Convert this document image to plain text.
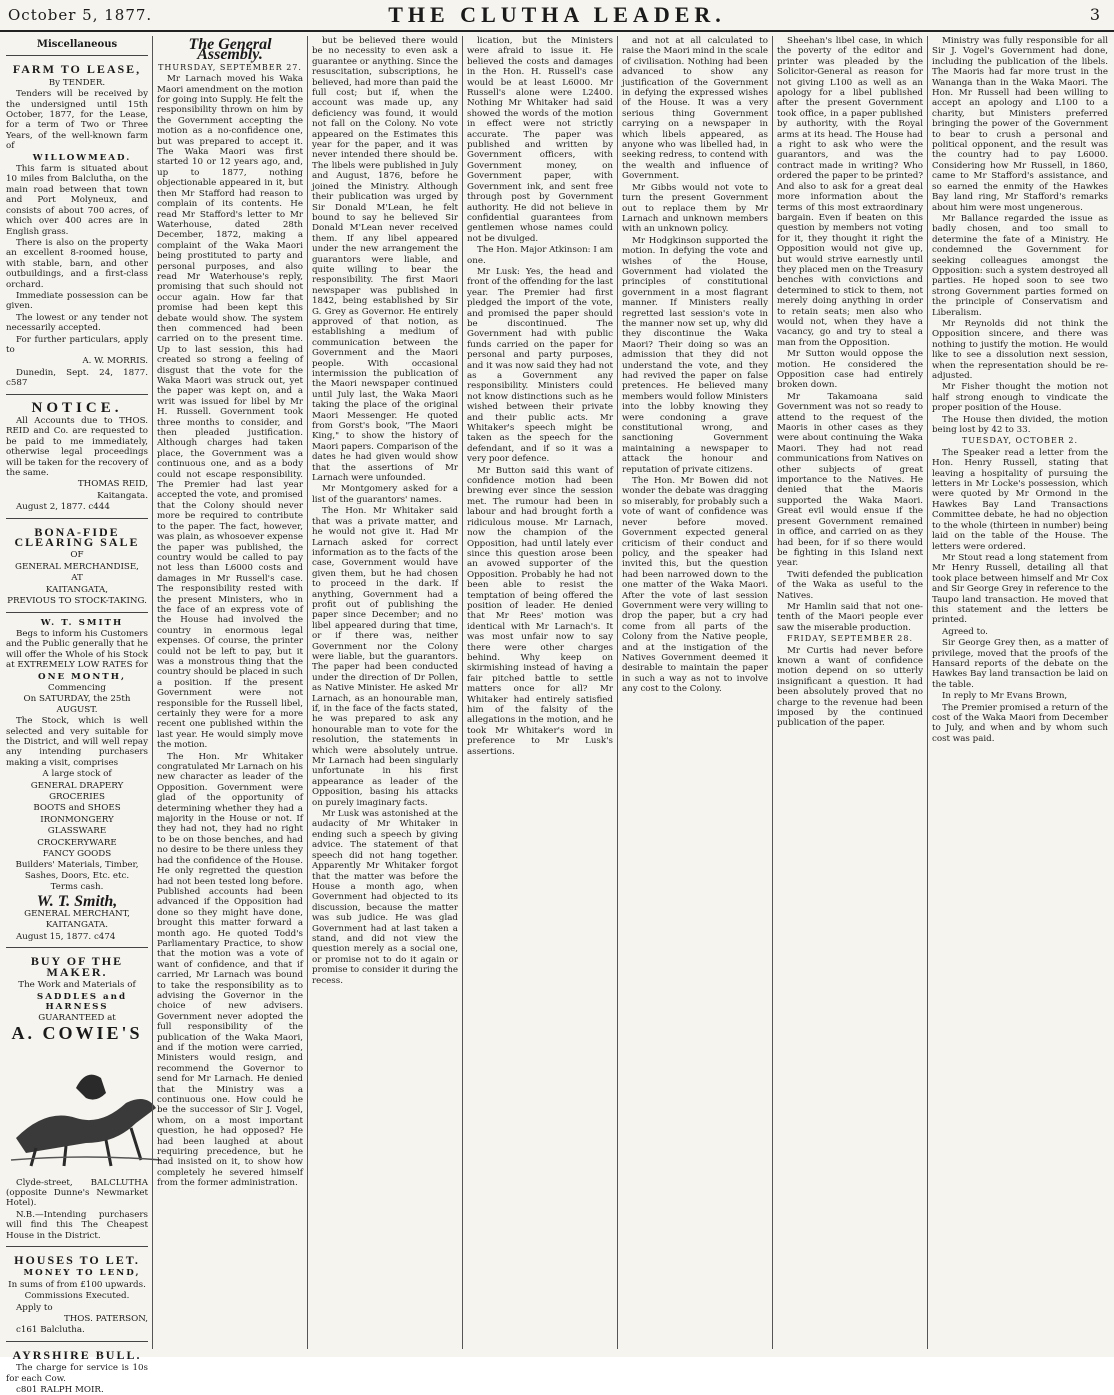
October 5, 1877.	THE CLUTHA LEADER.	3
Miscellaneous
FARM TO LEASE,

By TENDER.

Tenders will be received by the undersigned until 15th October, 1877, for the Lease, for a term of Two or Three Years, of the well-known farm of

WILLOWMEAD.

This farm is situated about 10 miles from Balclutha, on the main road between that town and Port Molyneux, and consists of about 700 acres, of which over 400 acres are in English grass.

There is also on the property an excellent 8-roomed house, with stable, barn, and other outbuildings, and a first-class orchard.

Immediate possession can be given.

The lowest or any tender not necessarily accepted.

For further particulars, apply to

A. W. MORRIS.

Dunedin, Sept. 24, 1877. c587

NOTICE.

All Accounts due to THOS. REID and Co. are requested to be paid to me immediately, otherwise legal proceedings will be taken for the recovery of the same.

THOMAS REID,

Kaitangata.

August 2, 1877. c444

BONA-FIDE CLEARING SALE

OF

GENERAL MERCHANDISE,

AT

KAITANGATA,

PREVIOUS TO STOCK-TAKING.

W. T. SMITH

Begs to inform his Customers and the Public generally that he will offer the Whole of his Stock at EXTREMELY LOW RATES for

ONE MONTH,

Commencing

On SATURDAY, the 25th AUGUST.

The Stock, which is well selected and very suitable for the District, and will well repay any intending purchasers making a visit, comprises

A large stock of

GENERAL DRAPERY

GROCERIES

BOOTS and SHOES

IRONMONGERY

GLASSWARE

CROCKERYWARE

FANCY GOODS

Builders' Materials, Timber, Sashes, Doors, Etc. etc.

Terms cash.

W. T. Smith,

GENERAL MERCHANT,

KAITANGATA.

August 15, 1877. c474

BUY OF THE MAKER.

The Work and Materials of

SADDLES and HARNESS

GUARANTEED at

A. COWIE'S

Clyde-street, BALCLUTHA (opposite Dunne's Newmarket Hotel).

N.B.—Intending purchasers will find this The Cheapest House in the District.

HOUSES TO LET.

MONEY TO LEND,

In sums of from £100 upwards.

Commissions Executed.

Apply to

THOS. PATERSON,

c161 Balclutha.

AYRSHIRE BULL.

The charge for service is 10s for each Cow.

c801 RALPH MOIR.

The General Assembly.

THURSDAY, SEPTEMBER 27.

Mr Larnach moved his Waka Maori amendment on the motion for going into Supply. He felt the responsibility thrown on him by the Government accepting the motion as a no-confidence one, but was prepared to accept it. The Waka Maori was first started 10 or 12 years ago, and, up to 1877, nothing objectionable appeared in it, but then Mr Stafford had reason to complain of its contents. He read Mr Stafford's letter to Mr Waterhouse, dated 28th December, 1872, making a complaint of the Waka Maori being prostituted to party and personal purposes, and also read Mr Waterhouse's reply, promising that such should not occur again. How far that promise had been kept this debate would show. The system then commenced had been carried on to the present time. Up to last session, this had created so strong a feeling of disgust that the vote for the Waka Maori was struck out, yet the paper was kept on, and a writ was issued for libel by Mr H. Russell. Government took three months to consider, and then pleaded justification. Although charges had taken place, the Government was a continuous one, and as a body could not escape responsibility. The Premier had last year accepted the vote, and promised that the Colony should never more be required to contribute to the paper. The fact, however, was plain, as whosoever expense the paper was published, the country would be called to pay not less than L6000 costs and damages in Mr Russell's case. The responsibility rested with the present Ministers, who in the face of an express vote of the House had involved the country in enormous legal expenses. Of course, the printer could not be left to pay, but it was a monstrous thing that the country should be placed in such a position. If the present Government were not responsible for the Russell libel, certainly they were for a more recent one published within the last year. He would simply move the motion.

The Hon. Mr Whitaker congratulated Mr Larnach on his new character as leader of the Opposition. Government were glad of the opportunity of determining whether they had a majority in the House or not. If they had not, they had no right to be on those benches, and had no desire to be there unless they had the confidence of the House. He only regretted the question had not been tested long before. Published accounts had been advanced if the Opposition had done so they might have done, brought this matter forward a month ago. He quoted Todd's Parliamentary Practice, to show that the motion was a vote of want of confidence, and that if carried, Mr Larnach was bound to take the responsibility as to advising the Governor in the choice of new advisers. Government never adopted the full responsibility of the publication of the Waka Maori, and if the motion were carried, Ministers would resign, and recommend the Governor to send for Mr Larnach. He denied that the Ministry was a continuous one. How could he be the successor of Sir J. Vogel, whom, on a most important question, he had opposed? He had been laughed at about requiring precedence, but he had insisted on it, to show how completely he severed himself from the former administration.

but be believed there would be no necessity to even ask a guarantee or anything. Since the resuscitation, subscriptions, he believed, had more than paid the full cost; but if, when the account was made up, any deficiency was found, it would not fall on the Colony. No vote appeared on the Estimates this year for the paper, and it was never intended there should be. The libels were published in July and August, 1876, before he joined the Ministry. Although their publication was urged by Sir Donald M'Lean, he felt bound to say he believed Sir Donald M'Lean never received them. If any libel appeared under the new arrangement the guarantors were liable, and quite willing to bear the responsibility. The first Maori newspaper was published in 1842, being established by Sir G. Grey as Governor. He entirely approved of that notion, as establishing a medium of communication between the Government and the Maori people. With occasional intermission the publication of the Maori newspaper continued until July last, the Waka Maori taking the place of the original Maori Messenger. He quoted from Gorst's book, "The Maori King," to show the history of Maori papers. Comparison of the dates he had given would show that the assertions of Mr Larnach were unfounded.

Mr Montgomery asked for a list of the guarantors' names.

The Hon. Mr Whitaker said that was a private matter, and he would not give it. Had Mr Larnach asked for correct information as to the facts of the case, Government would have given them, but he had chosen to proceed in the dark. If anything, Government had a profit out of publishing the paper since December; and no libel appeared during that time, or if there was, neither Government nor the Colony were liable, but the guarantors. The paper had been conducted under the direction of Dr Pollen, as Native Minister. He asked Mr Larnach, as an honourable man, if, in the face of the facts stated, he was prepared to ask any honourable man to vote for the resolution, the statements in which were absolutely untrue. Mr Larnach had been singularly unfortunate in his first appearance as leader of the Opposition, basing his attacks on purely imaginary facts.

Mr Lusk was astonished at the audacity of Mr Whitaker in ending such a speech by giving advice. The statement of that speech did not hang together. Apparently Mr Whitaker forgot that the matter was before the House a month ago, when Government had objected to its discussion, because the matter was sub judice. He was glad Government had at last taken a stand, and did not view the question merely as a social one, or promise not to do it again or promise to consider it during the recess.

lication, but the Ministers were afraid to issue it. He believed the costs and damages in the Hon. H. Russell's case would be at least L6000. Mr Russell's alone were L2400. Nothing Mr Whitaker had said showed the words of the motion in effect were not strictly accurate. The paper was published and written by Government officers, with Government money, on Government paper, with Government ink, and sent free through post by Government authority. He did not believe in confidential guarantees from gentlemen whose names could not be divulged.

The Hon. Major Atkinson: I am one.

Mr Lusk: Yes, the head and front of the offending for the last year. The Premier had first pledged the import of the vote, and promised the paper should be discontinued. The Government had with public funds carried on the paper for personal and party purposes, and it was now said they had not as a Government any responsibility. Ministers could not know distinctions such as he wished between their private and their public acts. Mr Whitaker's speech might be taken as the speech for the defendant, and if so it was a very poor defence.

Mr Button said this want of confidence motion had been brewing ever since the session met. The rumour had been in labour and had brought forth a ridiculous mouse. Mr Larnach, now the champion of the Opposition, had until lately ever since this question arose been an avowed supporter of the Opposition. Probably he had not been able to resist the temptation of being offered the position of leader. He denied that Mr Rees' motion was identical with Mr Larnach's. It was most unfair now to say there were other charges behind. Why keep on skirmishing instead of having a fair pitched battle to settle matters once for all? Mr Whitaker had entirely satisfied him of the falsity of the allegations in the motion, and he took Mr Whitaker's word in preference to Mr Lusk's assertions.

and not at all calculated to raise the Maori mind in the scale of civilisation. Nothing had been advanced to show any justification of the Government in defying the expressed wishes of the House. It was a very serious thing Government carrying on a newspaper in which libels appeared, as anyone who was libelled had, in seeking redress, to contend with the wealth and influence of Government.

Mr Gibbs would not vote to turn the present Government out to replace them by Mr Larnach and unknown members with an unknown policy.

Mr Hodgkinson supported the motion. In defying the vote and wishes of the House, Government had violated the principles of constitutional government in a most flagrant manner. If Ministers really regretted last session's vote in the manner now set up, why did they discontinue the Waka Maori? Their doing so was an admission that they did not understand the vote, and they had revived the paper on false pretences. He believed many members would follow Ministers into the lobby knowing they were condoning a grave constitutional wrong, and sanctioning Government maintaining a newspaper to attack the honour and reputation of private citizens.

The Hon. Mr Bowen did not wonder the debate was dragging so miserably, for probably such a vote of want of confidence was never before moved. Government expected general criticism of their conduct and policy, and the speaker had invited this, but the question had been narrowed down to the one matter of the Waka Maori. After the vote of last session Government were very willing to drop the paper, but a cry had come from all parts of the Colony from the Native people, and at the instigation of the Natives Government deemed it desirable to maintain the paper in such a way as not to involve any cost to the Colony.

Sheehan's libel case, in which the poverty of the editor and printer was pleaded by the Solicitor-General as reason for not giving L100 as well as an apology for a libel published after the present Government took office, in a paper published by authority, with the Royal arms at its head. The House had a right to ask who were the guarantors, and was the contract made in writing? Who ordered the paper to be printed? And also to ask for a great deal more information about the terms of this most extraordinary bargain. Even if beaten on this question by members not voting for it, they thought it right the Opposition would not give up, but would strive earnestly until they placed men on the Treasury benches with convictions and determined to stick to them, not merely doing anything in order to retain seats; men also who would not, when they have a vacancy, go and try to steal a man from the Opposition.

Mr Sutton would oppose the motion. He considered the Opposition case had entirely broken down.

Mr Takamoana said Government was not so ready to attend to the request of the Maoris in other cases as they were about continuing the Waka Maori. They had not read communications from Natives on other subjects of great importance to the Natives. He denied that the Maoris supported the Waka Maori. Great evil would ensue if the present Government remained in office, and carried on as they had been, for if so there would be fighting in this Island next year.

Twiti defended the publication of the Waka as useful to the Natives.

Mr Hamlin said that not one-tenth of the Maori people ever saw the miserable production.

FRIDAY, SEPTEMBER 28.

Mr Curtis had never before known a want of confidence motion depend on so utterly insignificant a question. It had been absolutely proved that no charge to the revenue had been imposed by the continued publication of the paper.

Ministry was fully responsible for all Sir J. Vogel's Government had done, including the publication of the libels. The Maoris had far more trust in the Wananga than in the Waka Maori. The Hon. Mr Russell had been willing to accept an apology and L100 to a charity, but Ministers preferred bringing the power of the Government to bear to crush a personal and political opponent, and the result was the country had to pay L6000. Considering how Mr Russell, in 1860, came to Mr Stafford's assistance, and so earned the enmity of the Hawkes Bay land ring, Mr Stafford's remarks about him were most ungenerous.

Mr Ballance regarded the issue as badly chosen, and too small to determine the fate of a Ministry. He condemned the Government for seeking colleagues amongst the Opposition: such a system destroyed all parties. He hoped soon to see two strong Government parties formed on the principle of Conservatism and Liberalism.

Mr Reynolds did not think the Opposition sincere, and there was nothing to justify the motion. He would like to see a dissolution next session, when the representation should be re-adjusted.

Mr Fisher thought the motion not half strong enough to vindicate the proper position of the House.

The House then divided, the motion being lost by 42 to 33.

TUESDAY, OCTOBER 2.

The Speaker read a letter from the Hon. Henry Russell, stating that leaving a hospitality of pursuing the letters in Mr Locke's possession, which were quoted by Mr Ormond in the Hawkes Bay Land Transactions Committee debate, he had no objection to the whole (thirteen in number) being laid on the table of the House. The letters were ordered.

Mr Stout read a long statement from Mr Henry Russell, detailing all that took place between himself and Mr Cox and Sir George Grey in reference to the Taupo land transaction. He moved that this statement and the letters be printed.

Agreed to.

Sir George Grey then, as a matter of privilege, moved that the proofs of the Hansard reports of the debate on the Hawkes Bay land transaction be laid on the table.

In reply to Mr Evans Brown,

The Premier promised a return of the cost of the Waka Maori from December to July, and when and by whom such cost was paid.
